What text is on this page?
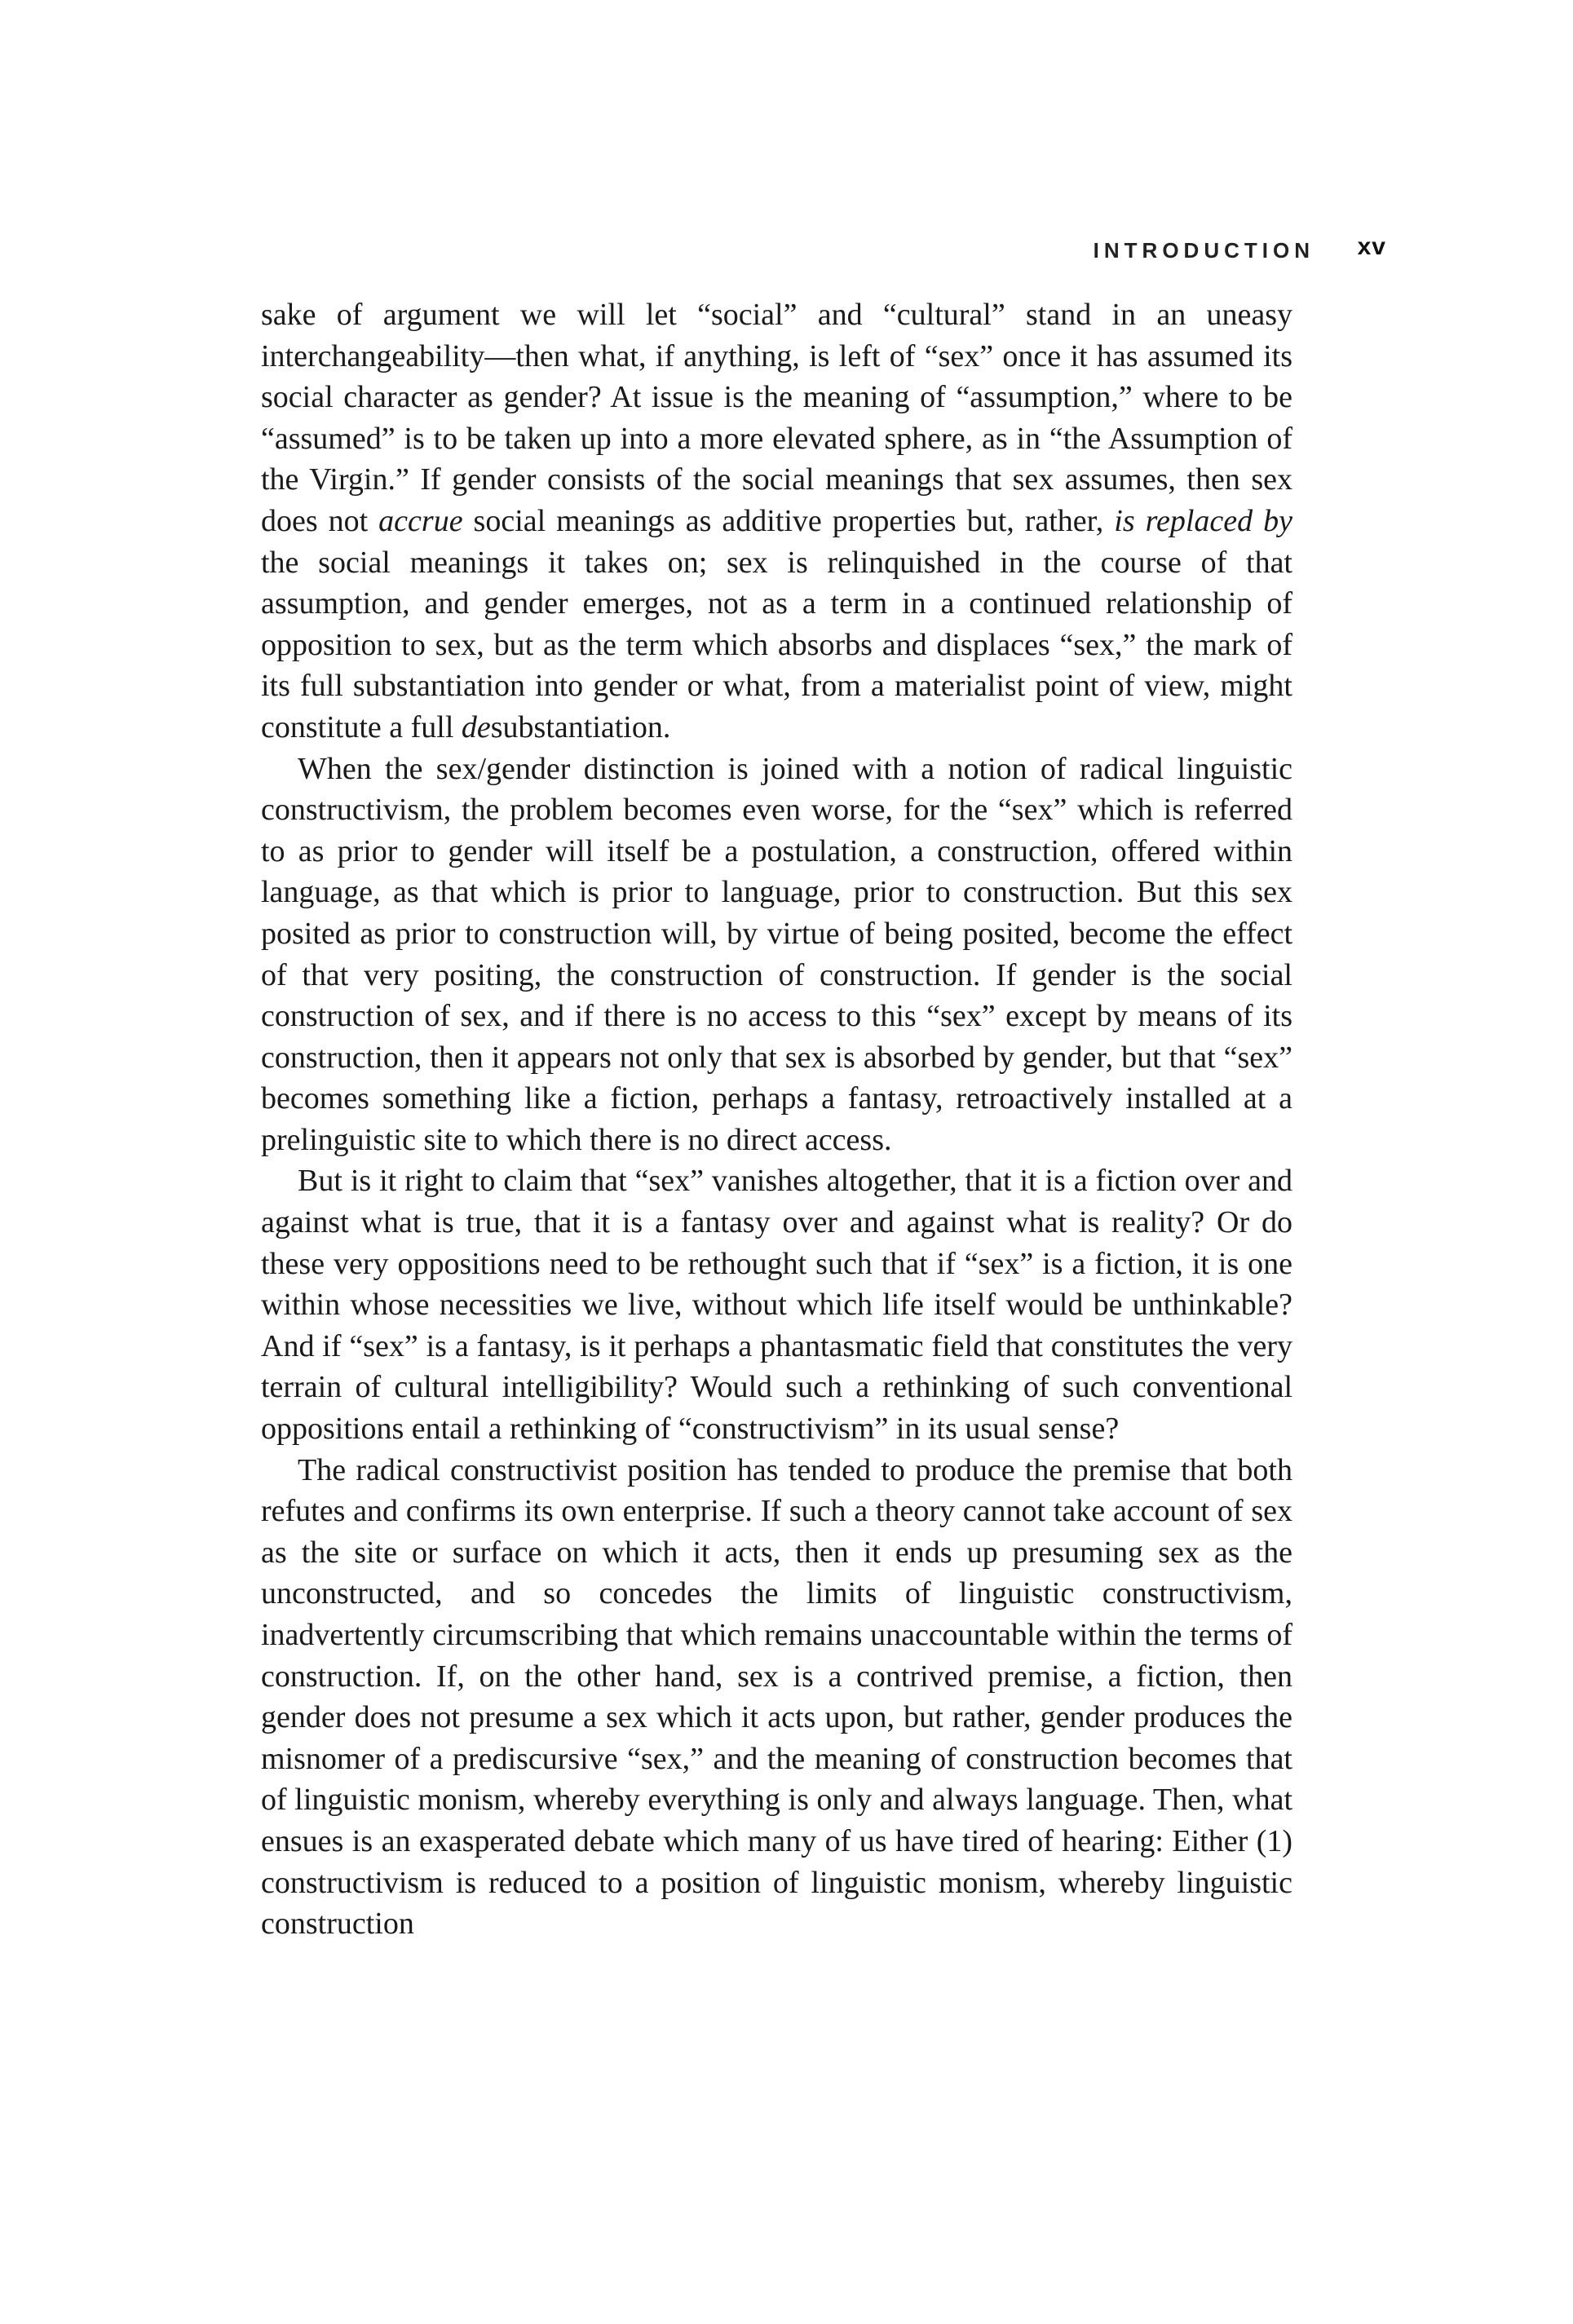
INTRODUCTION xv

sake of argument we will let “social” and “cultural” stand in an uneasy interchangeability—then what, if anything, is left of “sex” once it has assumed its social character as gender? At issue is the meaning of “assumption,” where to be “assumed” is to be taken up into a more elevated sphere, as in “the Assumption of the Virgin.” If gender consists of the social meanings that sex assumes, then sex does not accrue social meanings as additive properties but, rather, is replaced by the social meanings it takes on; sex is relinquished in the course of that assumption, and gender emerges, not as a term in a continued relationship of opposition to sex, but as the term which absorbs and displaces “sex,” the mark of its full substantiation into gender or what, from a materialist point of view, might constitute a full desubstantiation.

When the sex/gender distinction is joined with a notion of radical linguistic constructivism, the problem becomes even worse, for the “sex” which is referred to as prior to gender will itself be a postulation, a construction, offered within language, as that which is prior to language, prior to construction. But this sex posited as prior to construction will, by virtue of being posited, become the effect of that very positing, the construction of construction. If gender is the social construction of sex, and if there is no access to this “sex” except by means of its construction, then it appears not only that sex is absorbed by gender, but that “sex” becomes something like a fiction, perhaps a fantasy, retroactively installed at a prelinguistic site to which there is no direct access.

But is it right to claim that “sex” vanishes altogether, that it is a fiction over and against what is true, that it is a fantasy over and against what is reality? Or do these very oppositions need to be rethought such that if “sex” is a fiction, it is one within whose necessities we live, without which life itself would be unthinkable? And if “sex” is a fantasy, is it perhaps a phantasmatic field that constitutes the very terrain of cultural intelligibility? Would such a rethinking of such conventional oppositions entail a rethinking of “constructivism” in its usual sense?

The radical constructivist position has tended to produce the premise that both refutes and confirms its own enterprise. If such a theory cannot take account of sex as the site or surface on which it acts, then it ends up presuming sex as the unconstructed, and so concedes the limits of linguistic constructivism, inadvertently circumscribing that which remains unaccountable within the terms of construction. If, on the other hand, sex is a contrived premise, a fiction, then gender does not presume a sex which it acts upon, but rather, gender produces the misnomer of a prediscursive “sex,” and the meaning of construction becomes that of linguistic monism, whereby everything is only and always language. Then, what ensues is an exasperated debate which many of us have tired of hearing: Either (1) constructivism is reduced to a position of linguistic monism, whereby linguistic construction
